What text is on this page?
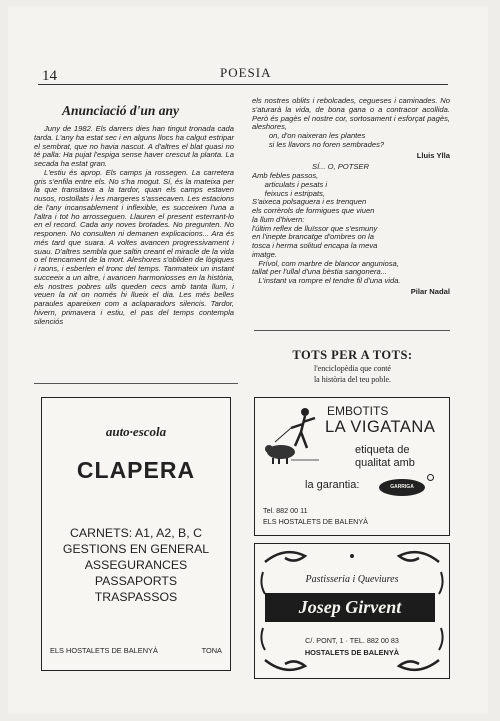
14	POESIA
Anunciació d'un any

Juny de 1982. Els darrers dies han tingut tronada cada tarda. L'any ha estat sec i en alguns llocs ha calgut estripar el sembrat, que no havia nascut. A d'altres el blat quasi no té palla: Ha pujat l'espiga sense haver crescut la planta. La secada ha estat gran.

L'estiu és aprop. Els camps ja rossegen. La carretera gris s'enfila entre els. No s'ha mogut. Sí, és la mateixa per la que transitava a la tardor, quan els camps estaven nusos, rostollats i les margeres s'assecaven. Les estacions de l'any incansablement i inflexible, es succeixen l'una a l'altra i tot ho arrosseguen. Llauren el present esterrant-lo en el record. Cada any noves brotades. No pregunten. No responen. No consulten ni demanen explicacions... Ara és més tard que suara. A voltes avancen progressivament i suau. D'altres sembla que saltin creant el miracle de la vida o el trencament de la mort. Aleshores s'obliden de lògiques i raons, i esberlen el tronc del temps. Tanmateix un instant succeeix a un altre, i avancen harmoniosses en la història, els nostres pobres ulls queden cecs amb tanta llum, i veuen la nit on només hi llueix el dia. Les més belles paraules apareixen com a aclaparadors silencis. Tardor, hivern, primavera i estiu, el pas del temps contempla silenciós

els nostres oblits i rebolcades, cegueses i caminades. No s'aturarà la vida, de bona gana o a contracor acollida. Però és pagès el nostre cor, sortosament i esforçat pagès, aleshores,

on, d'on naixeran les plantes
si les llavors no foren sembrades?
Lluis Ylla
SÍ... O, POTSER
Amb febles passos,
articulats i pesats i
feixucs i estripats,
S'aixeca polsaguera i es trenquen
els corrèrols de formigues que viuen
la llum d'hivern:
l'últim reflex de lluïssor que s'esmuny
en l'inepte brancatge d'ombres on la
tosca i herma solitud encapa la meva
imatge.
Frívol, com marbre de blancor anguniosa,
tallat per l'ullal d'una bèstia sangonera...
L'instant va rompre el tendre fil d'una vida.
Pilar Nadal
TOTS PER A TOTS:
l'enciclopèdia que conté
la història del teu poble.
auto·escola
CLAPERA
CARNETS: A1, A2, B, C
GESTIONS EN GENERAL
ASSEGURANCES
PASSAPORTS
TRASPASSOS
ELS HOSTALETS DE BALENYÀ	TONA
EMBOTITS
LA VIGATANA
etiqueta de
qualitat amb
la garantia:	GARRIGA
Tel. 882 00 11
ELS HOSTALETS DE BALENYÀ
Pastisseria i Queviures
Josep Girvent
C/. PONT, 1 · TEL. 882 00 83
HOSTALETS DE BALENYÀ
